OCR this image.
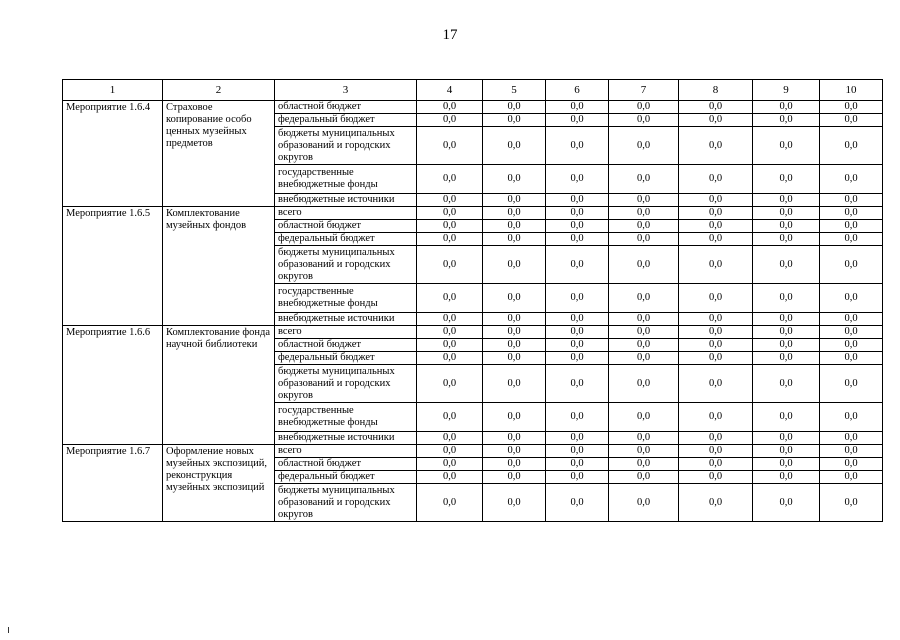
17
1	2	3	4	5	6	7	8	9	10
Мероприятие 1.6.4	Страховое копирование особо ценных музейных предметов	областной бюджет	0,0	0,0	0,0	0,0	0,0	0,0	0,0
		федеральный бюджет	0,0	0,0	0,0	0,0	0,0	0,0	0,0
		бюджеты муниципальных образований и городских округов	0,0	0,0	0,0	0,0	0,0	0,0	0,0
		государственные внебюджетные фонды	0,0	0,0	0,0	0,0	0,0	0,0	0,0
		внебюджетные источники	0,0	0,0	0,0	0,0	0,0	0,0	0,0
Мероприятие 1.6.5	Комплектование музейных фондов	всего	0,0	0,0	0,0	0,0	0,0	0,0	0,0
		областной бюджет	0,0	0,0	0,0	0,0	0,0	0,0	0,0
		федеральный бюджет	0,0	0,0	0,0	0,0	0,0	0,0	0,0
		бюджеты муниципальных образований и городских округов	0,0	0,0	0,0	0,0	0,0	0,0	0,0
		государственные внебюджетные фонды	0,0	0,0	0,0	0,0	0,0	0,0	0,0
		внебюджетные источники	0,0	0,0	0,0	0,0	0,0	0,0	0,0
Мероприятие 1.6.6	Комплектование фонда научной библиотеки	всего	0,0	0,0	0,0	0,0	0,0	0,0	0,0
		областной бюджет	0,0	0,0	0,0	0,0	0,0	0,0	0,0
		федеральный бюджет	0,0	0,0	0,0	0,0	0,0	0,0	0,0
		бюджеты муниципальных образований и городских округов	0,0	0,0	0,0	0,0	0,0	0,0	0,0
		государственные внебюджетные фонды	0,0	0,0	0,0	0,0	0,0	0,0	0,0
		внебюджетные источники	0,0	0,0	0,0	0,0	0,0	0,0	0,0
Мероприятие 1.6.7	Оформление новых музейных экспозиций, реконструкция музейных экспозиций	всего	0,0	0,0	0,0	0,0	0,0	0,0	0,0
		областной бюджет	0,0	0,0	0,0	0,0	0,0	0,0	0,0
		федеральный бюджет	0,0	0,0	0,0	0,0	0,0	0,0	0,0
		бюджеты муниципальных образований и городских округов	0,0	0,0	0,0	0,0	0,0	0,0	0,0
